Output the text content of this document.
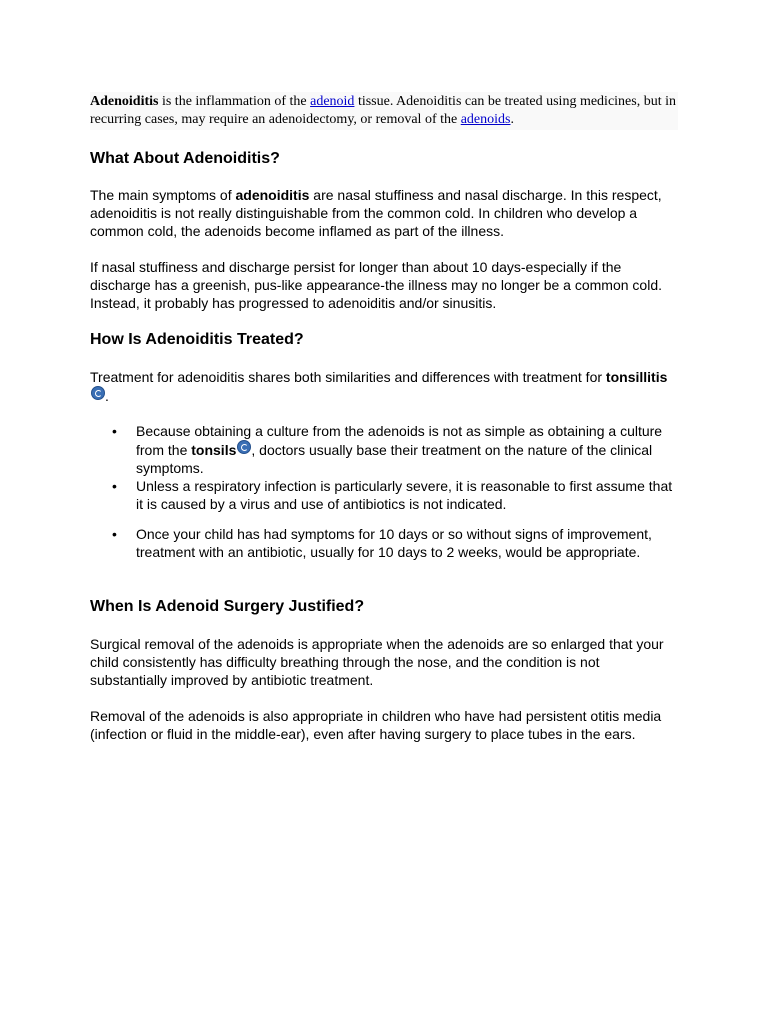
Adenoiditis is the inflammation of the adenoid tissue. Adenoiditis can be treated using medicines, but in recurring cases, may require an adenoidectomy, or removal of the adenoids.
What About Adenoiditis?

The main symptoms of adenoiditis are nasal stuffiness and nasal discharge. In this respect, adenoiditis is not really distinguishable from the common cold. In children who develop a common cold, the adenoids become inflamed as part of the illness.

If nasal stuffiness and discharge persist for longer than about 10 days-especially if the discharge has a greenish, pus-like appearance-the illness may no longer be a common cold. Instead, it probably has progressed to adenoiditis and/or sinusitis.

How Is Adenoiditis Treated?

Treatment for adenoiditis shares both similarities and differences with treatment for tonsillitis.

• Because obtaining a culture from the adenoids is not as simple as obtaining a culture from the tonsils , doctors usually base their treatment on the nature of the clinical symptoms.
• Unless a respiratory infection is particularly severe, it is reasonable to first assume that it is caused by a virus and use of antibiotics is not indicated.
• Once your child has had symptoms for 10 days or so without signs of improvement, treatment with an antibiotic, usually for 10 days to 2 weeks, would be appropriate.
When Is Adenoid Surgery Justified?

Surgical removal of the adenoids is appropriate when the adenoids are so enlarged that your child consistently has difficulty breathing through the nose, and the condition is not substantially improved by antibiotic treatment.

Removal of the adenoids is also appropriate in children who have had persistent otitis media (infection or fluid in the middle-ear), even after having surgery to place tubes in the ears.
